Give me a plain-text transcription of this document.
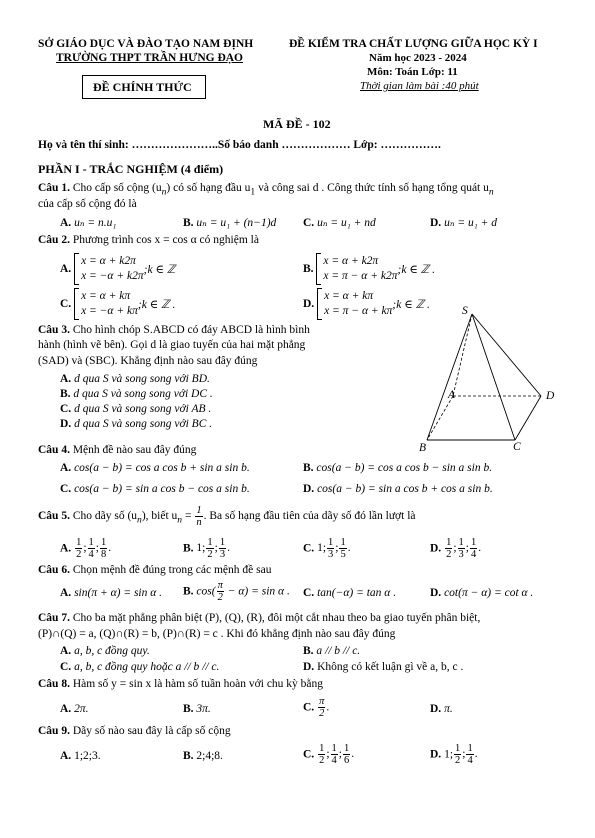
SỞ GIÁO DỤC VÀ ĐÀO TẠO NAM ĐỊNH
TRƯỜNG THPT TRẦN HƯNG ĐẠO
ĐỀ CHÍNH THỨC
ĐỀ KIỂM TRA CHẤT LƯỢNG GIỮA HỌC KỲ I
Năm học 2023 - 2024
Môn: Toán Lớp: 11
Thời gian làm bài :40 phút
MÃ ĐỀ - 102
Họ và tên thí sinh: …………………..Số báo danh ……………… Lớp: …………….
PHẦN I - TRẮC NGHIỆM (4 điểm)
Câu 1. Cho cấp số cộng $(u_n)$ có số hạng đầu $u_1$ và công sai d . Công thức tính số hạng tổng quát $u_n$
của cấp số cộng đó là
A. uₙ = n.u₁	B. uₙ = u₁ + (n−1)d C. uₙ = u₁ + nd	D. uₙ = u₁ + d
Câu 2. Phương trình cos x = cos α có nghiệm là
A.
x = α + k2π
x = −α + k2π ;k ∈ ℤ	B.
x = α + k2π
x = π − α + k2π ;k ∈ ℤ .
C.
x = α + kπ
x = −α + kπ ;k ∈ ℤ .	D.
x = α + kπ
x = π − α + kπ ;k ∈ ℤ .
Câu 3. Cho hình chóp S.ABCD có đáy ABCD là hình bình
hành (hình vẽ bên). Gọi d là giao tuyến của hai mặt phẳng
(SAD) và (SBC). Khẳng định nào sau đây đúng
A. d qua S và song song với BD.
B. d qua S và song song với DC .
C. d qua S và song song với AB .
D. d qua S và song song với BC .
S
A	D
B	C
Câu 4. Mệnh đề nào sau đây đúng
A. cos(a − b) = cos a cos b + sin a sin b.	B. cos(a − b) = cos a cos b − sin a sin b.
C. cos(a − b) = sin a cos b − cos a sin b.	D. cos(a − b) = sin a cos b + cos a sin b.
Câu 5. Cho dãy số $(u_n)$, biết $u_n = \frac{1}{n}$ . Ba số hạng đầu tiên của dãy số đó lần lượt là
A. $\frac{1}{2}$ ; $\frac{1}{4}$ ; $\frac{1}{8}$ .	B. 1; $\frac{1}{2}$ ; $\frac{1}{3}$ .	C. 1; $\frac{1}{3}$ ; $\frac{1}{5}$ .	D. $\frac{1}{2}$ ; $\frac{1}{3}$ ; $\frac{1}{4}$ .
Câu 6. Chọn mệnh đề đúng trong các mệnh đề sau
A. sin(π + α) = sin α . B. $\cos( \frac{\pi}{2} - \alpha) = \sin \alpha$ . C. tan(−α) = tan α .	D. cot(π − α) = cot α .
Câu 7. Cho ba mặt phẳng phân biệt (P), (Q), (R), đôi một cắt nhau theo ba giao tuyến phân biệt,
(P)∩(Q) = a, (Q)∩(R) = b, (P)∩(R) = c . Khi đó khẳng định nào sau đây đúng
A. a, b, c đồng quy.	B. a // b // c.
C. a, b, c đồng quy hoặc a // b // c.	D. Không có kết luận gì về a, b, c .
Câu 8. Hàm số y = sin x là hàm số tuần hoàn với chu kỳ bằng
A. 2π.	B. 3π.	C. $\frac{\pi}{2}$ .	D. π.
Câu 9. Dãy số nào sau đây là cấp số cộng
A. 1;2;3.	B. 2;4;8.	C. $\frac{1}{2}$ ; $\frac{1}{4}$ ; $\frac{1}{6}$ .	D. 1; $\frac{1}{2}$ ; $\frac{1}{4}$ .
